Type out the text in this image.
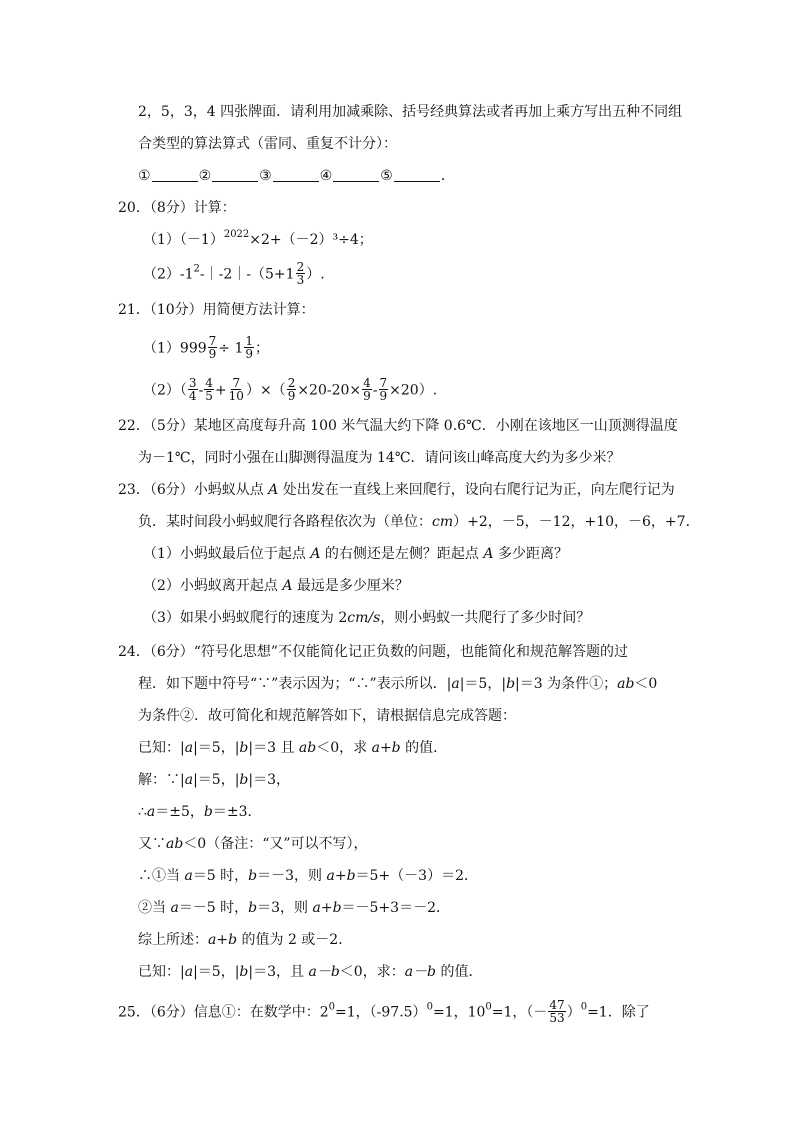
2，5，3，4 四张牌面．请利用加减乘除、括号经典算法或者再加上乘方写出五种不同组
合类型的算法算式（雷同、重复不计分）：
①	②	③	④	⑤	．
20．（8分）计算：
$(1)(-1)^{2022}\times 2+(-2)^3\div 4$；
$(2)-1^2-|-2|-(5+1 \frac{2}{3}$ ）.
21．（10分）用简便方法计算：
$(1)999 \frac{7}{9} \div 1 \frac{1}{9}$ ；
$(2)( \frac{3}{4} - \frac{4}{5} + \frac{7}{10}$ ）×（ $\frac{2}{9} \times 20-20\times \frac{4}{9} - \frac{7}{9} \times 20$）.
22．（5分）某地区高度每升高 100 米气温大约下降 0.6℃．小刚在该地区一山顶测得温度
为－1℃，同时小强在山脚测得温度为 14℃．请问该山峰高度大约为多少米？
23．（6分）小蚂蚁从点 A 处出发在一直线上来回爬行，设向右爬行记为正，向左爬行记为
负．某时间段小蚂蚁爬行各路程依次为（单位：cm）+2，－5，－12，+10，－6，+7．
（1）小蚂蚁最后位于起点 A 的右侧还是左侧？距起点 A 多少距离？
（2）小蚂蚁离开起点 A 最远是多少厘米？
（3）如果小蚂蚁爬行的速度为 2cm/s，则小蚂蚁一共爬行了多少时间？
24．（6分）“符号化思想”不仅能简化记正负数的问题，也能简化和规范解答题的过
程．如下题中符号“∵”表示因为；“∴”表示所以．|a|＝5，|b|＝3 为条件①；ab＜0
为条件②．故可简化和规范解答如下，请根据信息完成答题：
已知：|a|＝5，|b|＝3 且 ab＜0，求 a+b 的值．
解：∵|a|＝5，|b|＝3，
∴a＝±5，b＝±3．
又∵ab＜0（备注：“又”可以不写），
∴①当 a＝5 时，b＝－3，则 a+b＝5+（－3）＝2．
②当 a＝－5 时，b＝3，则 a+b＝－5+3＝－2．
综上所述：a+b 的值为 2 或－2．
已知：|a|＝5，|b|＝3，且 a－b＜0，求：a－b 的值．
25．（6分）信息①：在数学中：$2^0=1$，$(-97.5)^0=1$，$10^0=1$，（－ $\frac{47}{53} )^0=1$．除了
